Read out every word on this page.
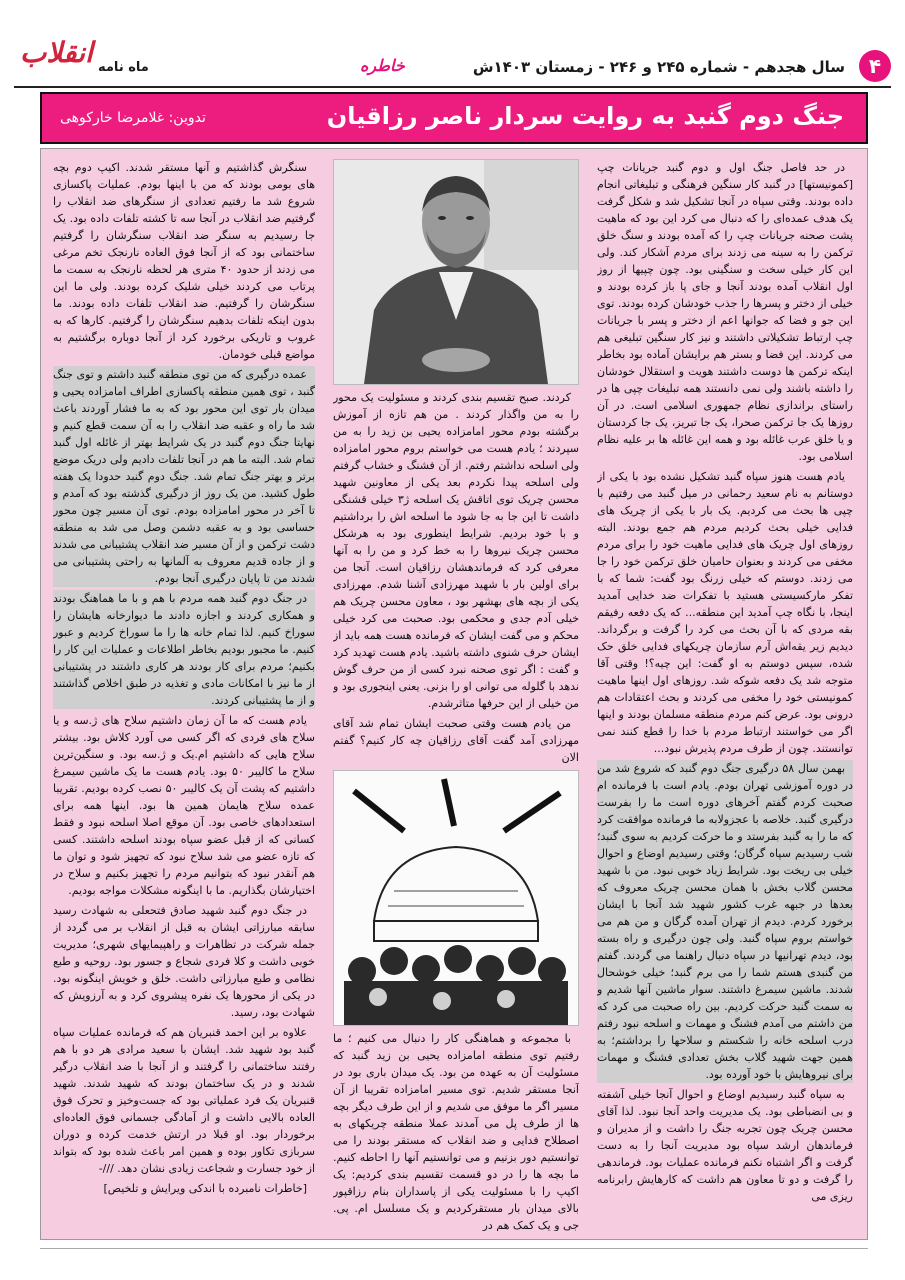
۴
سال هجدهم - شماره ۲۴۵ و ۲۴۶ - زمستان ۱۴۰۳ش
خاطره
انقلاب ماه نامه
جنگ دوم گنبد به روایت سردار ناصر رزاقیان
تدوین: غلامرضا خارکوهی

در حد فاصل جنگ اول و دوم گنبد جریانات چپ [کمونیستها] در گنبد کار سنگین فرهنگی و تبلیغاتی انجام داده بودند. وقتی سپاه در آنجا تشکیل شد و شکل گرفت یک هدف عمده‌ای را که دنبال می کرد این بود که ماهیت پشت صحنه جریانات چپ را که آمده بودند و سنگ خلق ترکمن را به سینه می زدند برای مردم آشکار کند. ولی این کار خیلی سخت و سنگینی بود. چون چپیها از روز اول انقلاب آمده بودند آنجا و جای پا باز کرده بودند و خیلی از دختر و پسرها را جذب خودشان کرده بودند. توی این جو و فضا که جوانها اعم از دختر و پسر با جریانات چپ ارتباط تشکیلاتی داشتند و نیز کار سنگین تبلیغی هم می کردند. این فضا و بستر هم برایشان آماده بود بخاطر اینکه ترکمن ها دوست داشتند هویت و استقلال خودشان را داشته باشند ولی نمی دانستند همه تبلیغات چپی ها در راستای براندازی نظام جمهوری اسلامی است. در آن روزها یک جا ترکمن صحرا، یک جا تبریز، یک جا کردستان و یا خلق عرب غائله بود و همه این غائله ها بر علیه نظام اسلامی بود.

یادم هست هنوز سپاه گنبد تشکیل نشده بود با یکی از دوستانم به نام سعید رحمانی در میل گنبد می رفتیم با چپی ها بحث می کردیم. یک بار با یکی از چریک های فدایی خیلی بحث کردیم مردم هم جمع بودند. البته روزهای اول چریک های فدایی ماهیت خود را برای مردم مخفی می کردند و بعنوان حامیان خلق ترکمن خود را جا می زدند. دوستم که خیلی زرنگ بود گفت: شما که با تفکر مارکسیستی هستید با تفکرات ضد خدایی آمدید اینجا، با نگاه چپ آمدید این منطقه... که یک دفعه رفیقم بقه مردی که با آن بحث می کرد را گرفت و برگرداند. دیدیم زیر یقه‌اش آرم سازمان چریکهای فدایی خلق حک شده، سپس دوستم به او گفت: این چیه؟! وقتی آقا متوجه شد یک دفعه شوکه شد. روزهای اول اینها ماهیت کمونیستی خود را مخفی می کردند و بحث اعتقادات هم درونی بود. عرض کنم مردم منطقه مسلمان بودند و اینها اگر می خواستند ارتباط مردم با خدا را قطع کنند نمی توانستند. چون از طرف مردم پذیرش نبود...

بهمن سال ۵۸ درگیری جنگ دوم گنبد که شروع شد من در دوره آموزشی تهران بودم. یادم است با فرمانده ام صحبت کردم گفتم آخرهای دوره است ما را بفرست درگیری گنبد. خلاصه با عجزولابه ما فرمانده موافقت کرد که ما را به گنبد بفرستد و ما حرکت کردیم به سوی گنبد؛ شب رسیدیم سپاه گرگان؛ وقتی رسیدیم اوضاع و احوال خیلی بی ریخت بود. شرایط زیاد خوبی نبود. من با شهید محسن گلاب بخش با همان محسن چریک معروف که بعدها در جبهه غرب کشور شهید شد آنجا با ایشان برخورد کردم. دیدم از تهران آمده گرگان و من هم می خواستم بروم سپاه گنبد. ولی چون درگیری و راه بسته بود، دیدم تهرانیها در سپاه دنبال راهنما می گردند. گفتم من گنبدی هستم شما را می برم گنبد؛ خیلی خوشحال شدند. ماشین سیمرغ داشتند. سوار ماشین آنها شدیم و به سمت گنبد حرکت کردیم. بین راه صحبت می کرد که من داشتم می آمدم فشنگ و مهمات و اسلحه نبود رفتم درب اسلحه خانه را شکستم و سلاحها را برداشتم؛ به همین جهت شهید گلاب بخش تعدادی فشنگ و مهمات برای نیروهایش با خود آورده بود.

به سپاه گنبد رسیدیم اوضاع و احوال آنجا خیلی آشفته و بی انضباطی بود. یک مدیریت واحد آنجا نبود. لذا آقای محسن چریک چون تجربه جنگ را داشت و از مدیران و فرماندهان ارشد سپاه بود مدیریت آنجا را به دست گرفت و اگر اشتباه نکنم فرمانده عملیات بود. فرماندهی را گرفت و دو تا معاون هم داشت که کارهایش رابرنامه ریزی می

کردند. صبح تقسیم بندی کردند و مسئولیت یک محور را به من واگذار کردند . من هم تازه از آموزش برگشته بودم محور امامزاده یحیی بن زید را به من سپردند ؛ یادم هست می خواستم بروم محور امامزاده ولی اسلحه نداشتم رفتم. از آن فشنگ و خشاب گرفتم ولی اسلحه پیدا نکردم بعد یکی از معاونین شهید محسن چریک توی اتاقش یک اسلحه ژ۳ خیلی قشنگی داشت تا این جا به جا شود ما اسلحه اش را برداشتیم و با خود بردیم. شرایط اینطوری بود به هرشکل محسن چریک نیروها را به خط کرد و من را به آنها معرفی کرد که فرماندهشان رزاقیان است. آنجا من برای اولین بار با شهید مهرزادی آشنا شدم. مهرزادی یکی از بچه های بهشهر بود ، معاون محسن چریک هم خیلی آدم جدی و محکمی بود. صحبت می کرد خیلی محکم و می گفت ایشان که فرمانده هست همه باید از ایشان حرف شنوی داشته باشید. یادم هست تهدید کرد و گفت : اگر توی صحنه نبرد کسی از من حرف گوش ندهد با گلوله می توانی او را بزنی. یعنی اینجوری بود و من خیلی از این حرفها متاثرشدم.

من یادم هست وقتی صحبت ایشان تمام شد آقای مهرزادی آمد گفت آقای رزاقیان چه کار کنیم؟ گفتم الان

با مجموعه و هماهنگی کار را دنبال می کنیم ؛ ما رفتیم توی منطقه امامزاده یحیی بن زید گنبد که مسئولیت آن به عهده من بود. یک میدان باری بود در آنجا مستقر شدیم. توی مسیر امامزاده تقریبا از آن مسیر اگر ما موفق می شدیم و از این طرف دیگر بچه ها از طرف پل می آمدند عملا منطقه چریکهای به اصطلاح فدایی و ضد انقلاب که مستقر بودند را می توانستیم دور بزنیم و می توانستیم آنها را احاطه کنیم. ما بچه ها را در دو قسمت تقسیم بندی کردیم: یک اکیپ را با مسئولیت یکی از پاسداران بنام رزاقپور بالای میدان بار مستقرکردیم و یک مسلسل ام. پی. جی و یک کمک هم در

سنگرش گذاشتیم و آنها مستقر شدند. اکیپ دوم بچه های بومی بودند که من با اینها بودم. عملیات پاکسازی شروع شد ما رفتیم تعدادی از سنگرهای ضد انقلاب را گرفتیم ضد انقلاب در آنجا سه تا کشته تلفات داده بود. یک جا رسیدیم به سنگر ضد انقلاب سنگرشان را گرفتیم ساختمانی بود که از آنجا فوق العاده نارنجک تخم مرغی می زدند از حدود ۴۰ متری هر لحظه نارنجک به سمت ما پرتاب می کردند خیلی شلیک کرده بودند. ولی ما این سنگرشان را گرفتیم. ضد انقلاب تلفات داده بودند. ما بدون اینکه تلفات بدهیم سنگرشان را گرفتیم. کارها که به غروب و تاریکی برخورد کرد از آنجا دوباره برگشتیم به مواضع قبلی خودمان.

عمده درگیری که من توی منطقه گنبد داشتم و توی جنگ گنبد ، توی همین منطقه پاکسازی اطراف امامزاده یحیی و میدان بار توی این محور بود که به ما فشار آوردند باعث شد ما راه و عقبه ضد انقلاب را به آن سمت قطع کنیم و نهایتا جنگ دوم گنبد در یک شرایط بهتر از غائله اول گنبد تمام شد. البته ما هم در آنجا تلفات دادیم ولی دریک موضع برتر و بهتر جنگ تمام شد. جنگ دوم گنبد حدودا یک هفته طول کشید. من یک روز از درگیری گذشته بود که آمدم و تا آخر در محور امامزاده بودم. توی آن مسیر چون محور حساسی بود و به عقبه دشمن وصل می شد به منطقه دشت ترکمن و از آن مسیر ضد انقلاب پشتیبانی می شدند و از جاده قدیم معروف به آلمانها به راحتی پشتیبانی می شدند من تا پایان درگیری آنجا بودم.

در جنگ دوم گنبد همه مردم با هم و با ما هماهنگ بودند و همکاری کردند و اجازه دادند ما دیوارخانه هایشان را سوراخ کنیم. لذا تمام خانه ها را ما سوراخ کردیم و عبور کنیم. ما مجبور بودیم بخاطر اطلاعات و عملیات این کار را بکنیم؛ مردم برای کار بودند هر کاری داشتند در پشتیبانی از ما نیز با امکانات مادی و تغذیه در طبق اخلاص گذاشتند و از ما پشتیبانی کردند.

یادم هست که ما آن زمان داشتیم سلاح های ژ.سه و یا سلاح های فردی که اگر کسی می آورد کلاش بود. بیشتر سلاح هایی که داشتیم ام.یک و ژ.سه بود. و سنگین‌ترین سلاح ما کالیبر ۵۰ بود. یادم هست ما یک ماشین سیمرغ داشتیم که پشت آن یک کالیبر ۵۰ نصب کرده بودیم. تقریبا عمده سلاح هایمان همین ها بود. اینها همه برای استعدادهای خاصی بود. آن موقع اصلا اسلحه نبود و فقط کسانی که از قبل عضو سپاه بودند اسلحه داشتند. کسی که تازه عضو می شد سلاح نبود که تجهیز شود و توان ما هم آنقدر نبود که بتوانیم مردم را تجهیز بکنیم و سلاح در اختیارشان بگذاریم. ما با اینگونه مشکلات مواجه بودیم.

در جنگ دوم گنبد شهید صادق فتحعلی به شهادت رسید سابقه مبارزاتی ایشان به قبل از انقلاب بر می گردد از جمله شرکت در تظاهرات و راهپیمایهای شهری؛ مدیریت خوبی داشت و کلا فردی شجاع و جسور بود. روحیه و طبع نظامی و طبع مبارزاتی داشت. خلق و خویش اینگونه بود. در یکی از محورها یک نفره پیشروی کرد و به آرزویش که شهادت بود، رسید.

علاوه بر این احمد قنبریان هم که فرمانده عملیات سپاه گنبد بود شهید شد. ایشان با سعید مرادی هر دو با هم رفتند ساختمانی را گرفتند و از آنجا با ضد انقلاب درگیر شدند و در یک ساختمان بودند که شهید شدند. شهید قنبریان یک فرد عملیاتی بود که جست‌وخیز و تحرک فوق العاده بالایی داشت و از آمادگی جسمانی فوق العاده‌ای برخوردار بود. او قبلا در ارتش خدمت کرده و دوران سربازی تکاور بوده و همین امر باعث شده بود که بتواند از خود جسارت و شجاعت زیادی نشان دهد. ///-

[خاطرات نامبرده با اندکی ویرایش و تلخیص]
